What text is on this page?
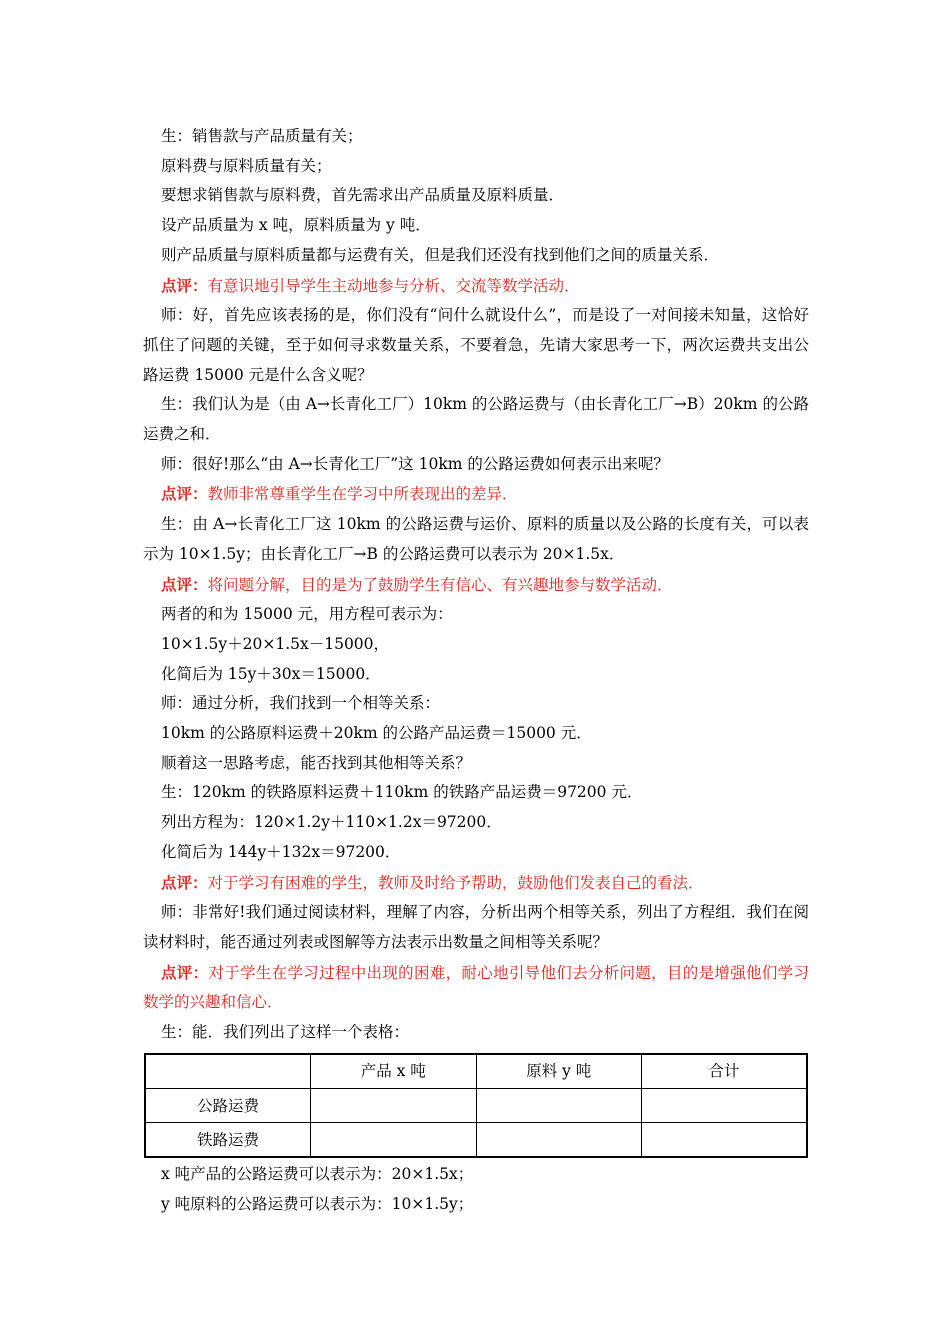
生：销售款与产品质量有关；

原料费与原料质量有关；

要想求销售款与原料费，首先需求出产品质量及原料质量．

设产品质量为 x 吨，原料质量为 y 吨．

则产品质量与原料质量都与运费有关，但是我们还没有找到他们之间的质量关系．

点评：有意识地引导学生主动地参与分析、交流等数学活动．

师：好，首先应该表扬的是，你们没有“问什么就设什么”，而是设了一对间接未知量，这恰好抓住了问题的关键，至于如何寻求数量关系，不要着急，先请大家思考一下，两次运费共支出公路运费 15000 元是什么含义呢？

生：我们认为是（由 A→长青化工厂）10km 的公路运费与（由长青化工厂→B）20km 的公路运费之和．

师：很好!那么“由 A→长青化工厂”这 10km 的公路运费如何表示出来呢？

点评：教师非常尊重学生在学习中所表现出的差异．

生：由 A→长青化工厂这 10km 的公路运费与运价、原料的质量以及公路的长度有关，可以表示为 10×1.5y；由长青化工厂→B 的公路运费可以表示为 20×1.5x．

点评：将问题分解，目的是为了鼓励学生有信心、有兴趣地参与数学活动．

两者的和为 15000 元，用方程可表示为：

10×1.5y＋20×1.5x－15000，

化简后为 15y＋30x＝15000．

师：通过分析，我们找到一个相等关系：

10km 的公路原料运费＋20km 的公路产品运费＝15000 元．

顺着这一思路考虑，能否找到其他相等关系？

生：120km 的铁路原料运费＋110km 的铁路产品运费＝97200 元．

列出方程为：120×1.2y＋110×1.2x＝97200．

化简后为 144y＋132x＝97200．

点评：对于学习有困难的学生，教师及时给予帮助，鼓励他们发表自己的看法．

师：非常好!我们通过阅读材料，理解了内容，分析出两个相等关系，列出了方程组．我们在阅读材料时，能否通过列表或图解等方法表示出数量之间相等关系呢？

点评：对于学生在学习过程中出现的困难，耐心地引导他们去分析问题，目的是增强他们学习数学的兴趣和信心．

生：能．我们列出了这样一个表格：

	产品 x 吨	原料 y 吨	合计
公路运费			
铁路运费			

x 吨产品的公路运费可以表示为：20×1.5x；

y 吨原料的公路运费可以表示为：10×1.5y；
